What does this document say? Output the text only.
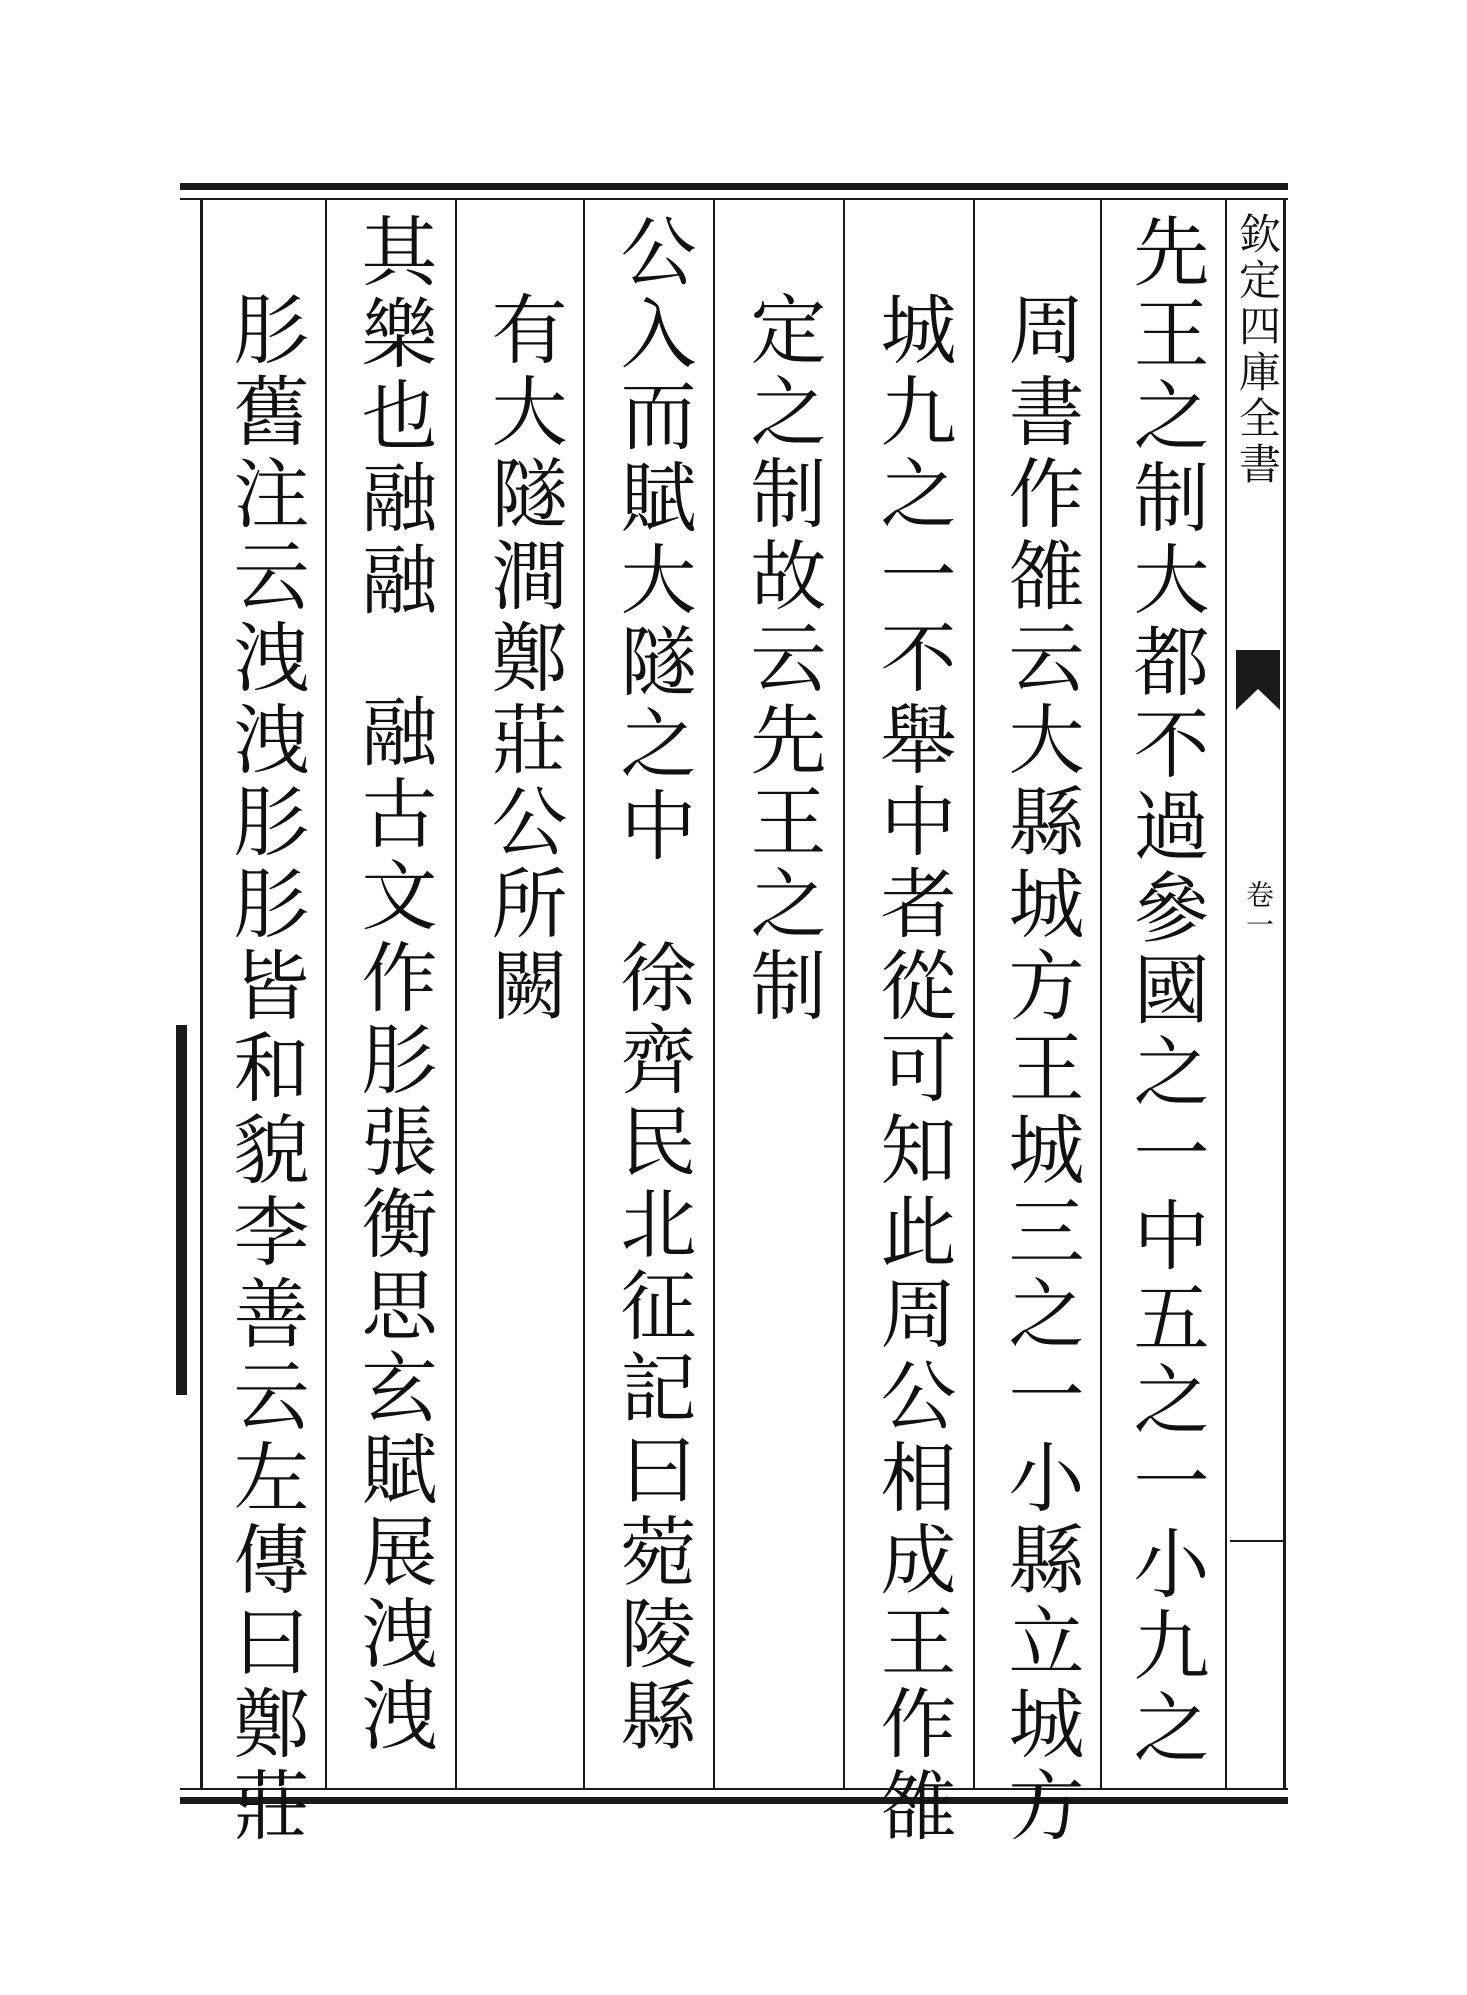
欽定四庫全書
卷一
先王之制大都不過參國之一中五之一小九之
周書作雒云大縣城方王城三之一小縣立城方
城九之一不舉中者從可知此周公相成王作雒
定之制故云先王之制
公入而賦大隧之中徐齊民北征記曰菀陵縣
有大隧澗鄭莊公所闕
其樂也融融融古文作肜張衡思玄賦展洩洩
肜舊注云洩洩肜肜皆和貌李善云左傳曰鄭莊
